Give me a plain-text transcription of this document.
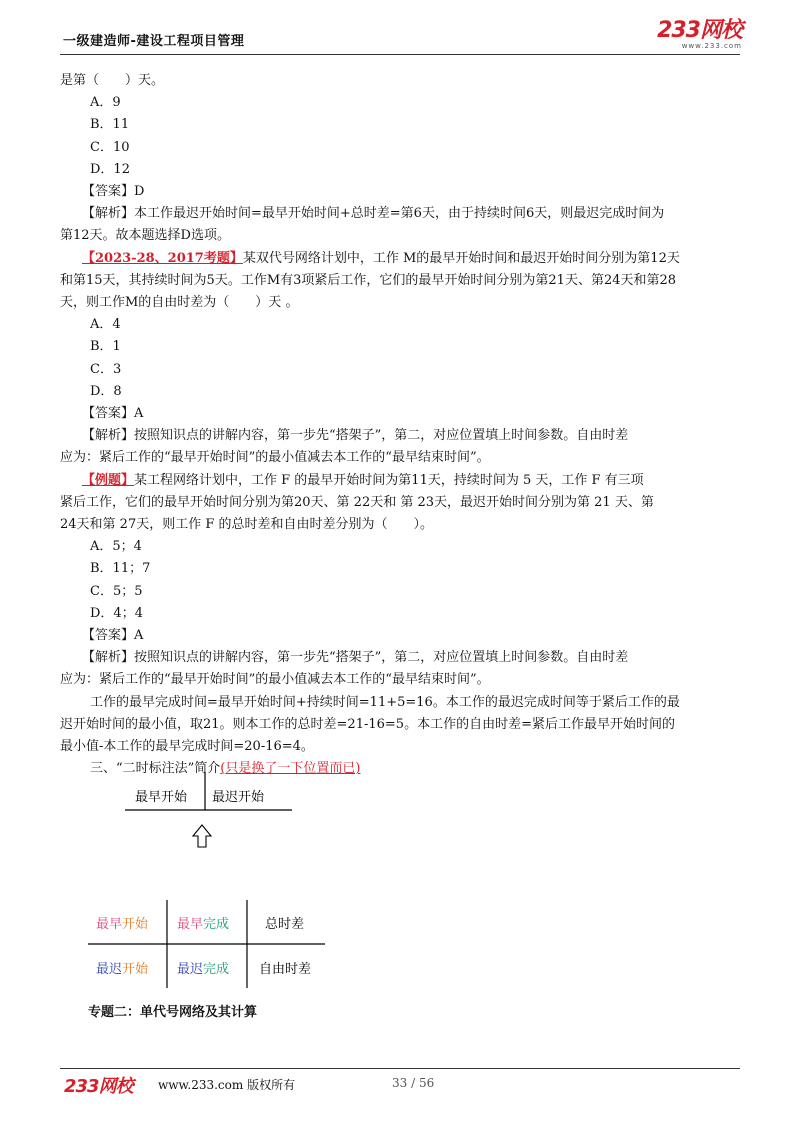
一级建造师-建设工程项目管理	233网校
www.233.com
是第（　　）天。
A．9
B．11
C．10
D．12
【答案】D
【解析】本工作最迟开始时间=最早开始时间+总时差=第6天，由于持续时间6天，则最迟完成时间为
第12天。故本题选择D选项。
【2023-28、2017考题】某双代号网络计划中，工作 M的最早开始时间和最迟开始时间分别为第12天
和第15天，其持续时间为5天。工作M有3项紧后工作，它们的最早开始时间分别为第21天、第24天和第28
天，则工作M的自由时差为（　　）天 。
A．4
B．1
C．3
D．8
【答案】A
【解析】按照知识点的讲解内容，第一步先“搭架子”，第二，对应位置填上时间参数。自由时差
应为：紧后工作的“最早开始时间”的最小值减去本工作的“最早结束时间”。
【例题】某工程网络计划中，工作 F 的最早开始时间为第11天，持续时间为 5 天，工作 F 有三项
紧后工作，它们的最早开始时间分别为第20天、第 22天和 第 23天，最迟开始时间分别为第 21 天、第
24天和第 27天，则工作 F 的总时差和自由时差分别为（　　）。
A．5；4
B．11；7
C．5；5
D．4；4
【答案】A
【解析】按照知识点的讲解内容，第一步先“搭架子”，第二，对应位置填上时间参数。自由时差
应为：紧后工作的“最早开始时间”的最小值减去本工作的“最早结束时间”。
工作的最早完成时间=最早开始时间+持续时间=11+5=16。本工作的最迟完成时间等于紧后工作的最
迟开始时间的最小值，取21。则本工作的总时差=21-16=5。本工作的自由时差=紧后工作最早开始时间的
最小值-本工作的最早完成时间=20-16=4。
三、“二时标注法”简介(只是换了一下位置而已)
最早开始 最迟开始
最早开始 最早完成	总时差
最迟开始 最迟完成 自由时差
专题二：单代号网络及其计算
233网校 www.233.com 版权所有	33 / 56
